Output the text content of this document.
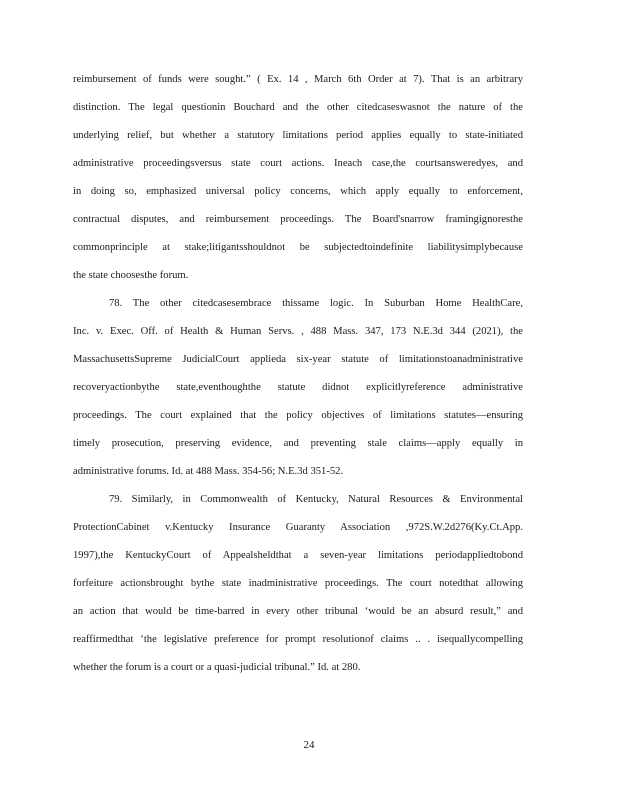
reimbursement of funds were sought.” ( Ex. 14 , March 6th Order at 7). That is an arbitrary
distinction. The legal questionin Bouchard and the other citedcaseswasnot the nature of the
underlying relief, but whether a statutory limitations period applies equally to state-initiated
administrative proceedingsversus state court actions. Ineach case,the courtsansweredyes, and
in doing so, emphasized universal policy concerns, which apply equally to enforcement,
contractual disputes, and reimbursement proceedings. The Board'snarrow framingignoresthe
commonprinciple at stake;litigantsshouldnot be subjectedtoindefinite liabilitysimplybecause
the state choosesthe forum.
78. The other citedcasesembrace thissame logic. In Suburban Home HealthCare,
Inc. v. Exec. Off. of Health & Human Servs. , 488 Mass. 347, 173 N.E.3d 344 (2021), the
MassachusettsSupreme JudicialCourt applieda six-year statute of limitationstoanadministrative
recoveryactionbythe state,eventhoughthe statute didnot explicitlyreference administrative
proceedings. The court explained that the policy objectives of limitations statutes—ensuring
timely prosecution, preserving evidence, and preventing stale claims—apply equally in
administrative forums. Id. at 488 Mass. 354-56; N.E.3d 351-52.
79. Similarly, in Commonwealth of Kentucky, Natural Resources & Environmental
ProtectionCabinet v.Kentucky Insurance Guaranty Association ,972S.W.2d276(Ky.Ct.App.
1997),the KentuckyCourt of Appealsheldthat a seven-year limitations periodappliedtobond
forfeiture actionsbrought bythe state inadministrative proceedings. The court notedthat allowing
an action that would be time-barred in every other tribunal ‘would be an absurd result,” and
reaffirmedthat ‘the legislative preference for prompt resolutionof claims .. . isequallycompelling
whether the forum is a court or a quasi-judicial tribunal.” Id. at 280.
24
